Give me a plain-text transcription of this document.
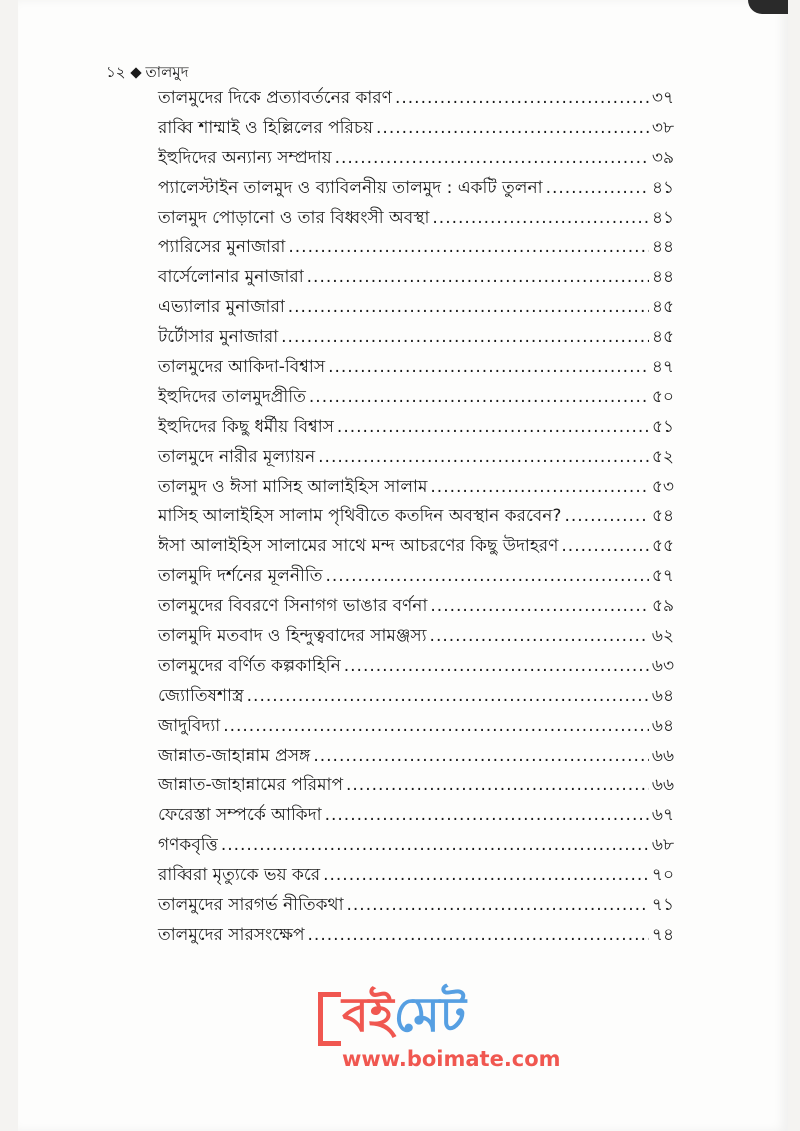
১২ তালমুদ
তালমুদের দিকে প্রত্যাবর্তনের কারণ .....	৩৭
রাব্বি শাম্মাই ও হিল্লিলের পরিচয় .....	৩৮
ইহুদিদের অন্যান্য সম্প্রদায় .....	৩৯
প্যালেস্টাইন তালমুদ ও ব্যাবিলনীয় তালমুদ : একটি তুলনা .....	৪১
তালমুদ পোড়ানো ও তার বিধ্বংসী অবস্থা .....	৪১
প্যারিসের মুনাজারা .....	৪৪
বার্সেলোনার মুনাজারা .....	৪৪
এভ্যালার মুনাজারা .....	৪৫
টর্টোসার মুনাজারা .....	৪৫
তালমুদের আকিদা-বিশ্বাস .....	৪৭
ইহুদিদের তালমুদপ্রীতি .....	৫০
ইহুদিদের কিছু ধর্মীয় বিশ্বাস .....	৫১
তালমুদে নারীর মূল্যায়ন .....	৫২
তালমুদ ও ঈসা মাসিহ আলাইহিস সালাম .....	৫৩
মাসিহ আলাইহিস সালাম পৃথিবীতে কতদিন অবস্থান করবেন? .....	৫৪
ঈসা আলাইহিস সালামের সাথে মন্দ আচরণের কিছু উদাহরণ .....	৫৫
তালমুদি দর্শনের মূলনীতি .....	৫৭
তালমুদের বিবরণে সিনাগগ ভাঙার বর্ণনা .....	৫৯
তালমুদি মতবাদ ও হিন্দুত্ববাদের সামঞ্জস্য .....	৬২
তালমুদের বর্ণিত কল্পকাহিনি .....	৬৩
জ্যোতিষশাস্ত্র .....	৬৪
জাদুবিদ্যা .....	৬৪
জান্নাত-জাহান্নাম প্রসঙ্গ .....	৬৬
জান্নাত-জাহান্নামের পরিমাপ .....	৬৬
ফেরেস্তা সম্পর্কে আকিদা .....	৬৭
গণকবৃত্তি .....	৬৮
রাব্বিরা মৃত্যুকে ভয় করে .....	৭০
তালমুদের সারগর্ভ নীতিকথা .....	৭১
তালমুদের সারসংক্ষেপ .....	৭৪
বই মেট
www.boimate.com
